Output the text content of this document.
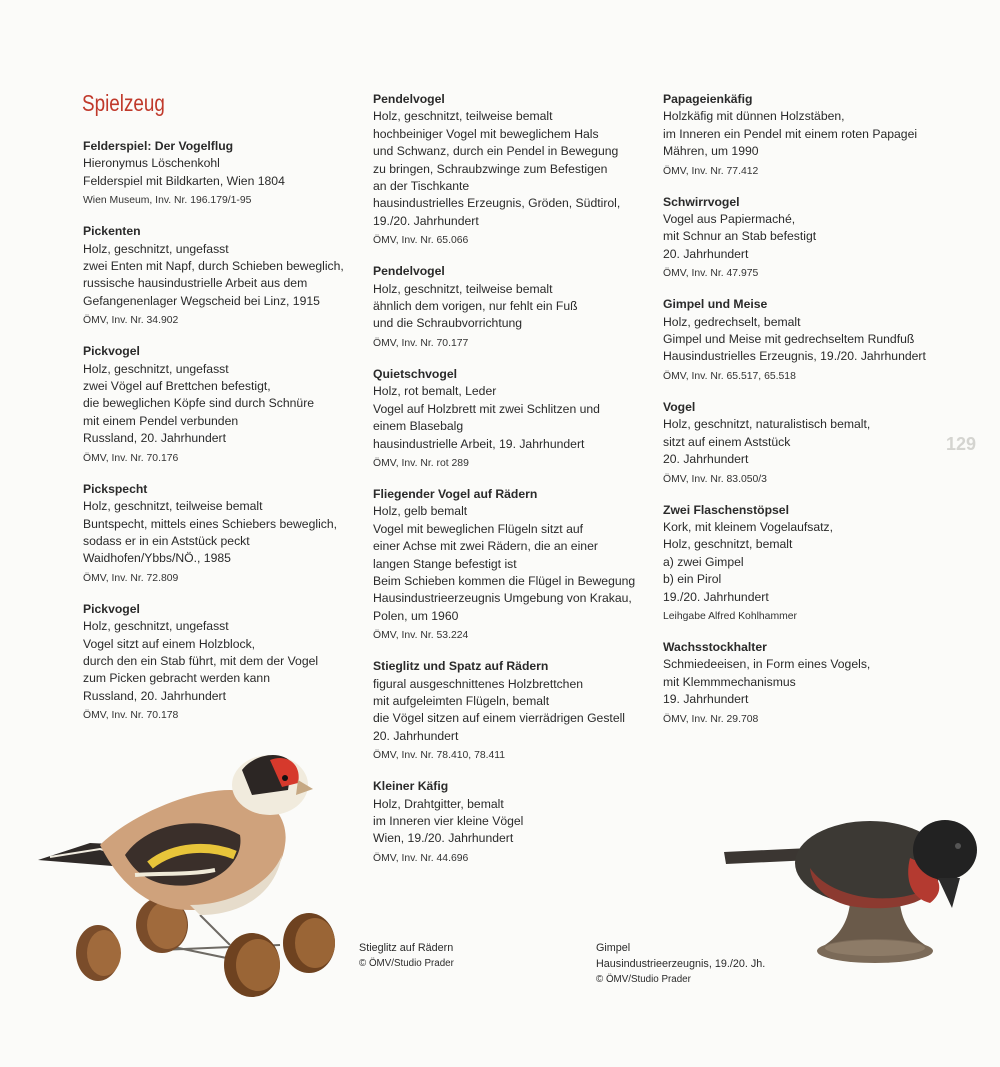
Spielzeug
Felderspiel: Der Vogelflug
Hieronymus Löschenkohl
Felderspiel mit Bildkarten, Wien 1804
Wien Museum, Inv. Nr. 196.179/1-95
Pickenten
Holz, geschnitzt, ungefasst
zwei Enten mit Napf, durch Schieben beweglich,
russische hausindustrielle Arbeit aus dem
Gefangenenlager Wegscheid bei Linz, 1915
ÖMV, Inv. Nr. 34.902
Pickvogel
Holz, geschnitzt, ungefasst
zwei Vögel auf Brettchen befestigt,
die beweglichen Köpfe sind durch Schnüre
mit einem Pendel verbunden
Russland, 20. Jahrhundert
ÖMV, Inv. Nr. 70.176
Pickspecht
Holz, geschnitzt, teilweise bemalt
Buntspecht, mittels eines Schiebers beweglich,
sodass er in ein Aststück peckt
Waidhofen/Ybbs/NÖ., 1985
ÖMV, Inv. Nr. 72.809
Pickvogel
Holz, geschnitzt, ungefasst
Vogel sitzt auf einem Holzblock,
durch den ein Stab führt, mit dem der Vogel
zum Picken gebracht werden kann
Russland, 20. Jahrhundert
ÖMV, Inv. Nr. 70.178
Pendelvogel
Holz, geschnitzt, teilweise bemalt
hochbeiniger Vogel mit beweglichem Hals
und Schwanz, durch ein Pendel in Bewegung
zu bringen, Schraubzwinge zum Befestigen
an der Tischkante
hausindustrielles Erzeugnis, Gröden, Südtirol,
19./20. Jahrhundert
ÖMV, Inv. Nr. 65.066
Pendelvogel
Holz, geschnitzt, teilweise bemalt
ähnlich dem vorigen, nur fehlt ein Fuß
und die Schraubvorrichtung
ÖMV, Inv. Nr. 70.177
Quietschvogel
Holz, rot bemalt, Leder
Vogel auf Holzbrett mit zwei Schlitzen und
einem Blasebalg
hausindustrielle Arbeit, 19. Jahrhundert
ÖMV, Inv. Nr. rot 289
Fliegender Vogel auf Rädern
Holz, gelb bemalt
Vogel mit beweglichen Flügeln sitzt auf
einer Achse mit zwei Rädern, die an einer
langen Stange befestigt ist
Beim Schieben kommen die Flügel in Bewegung
Hausindustrieerzeugnis Umgebung von Krakau,
Polen, um 1960
ÖMV, Inv. Nr. 53.224
Stieglitz und Spatz auf Rädern
figural ausgeschnittenes Holzbrettchen
mit aufgeleimten Flügeln, bemalt
die Vögel sitzen auf einem vierrädrigen Gestell
20. Jahrhundert
ÖMV, Inv. Nr. 78.410, 78.411
Kleiner Käfig
Holz, Drahtgitter, bemalt
im Inneren vier kleine Vögel
Wien, 19./20. Jahrhundert
ÖMV, Inv. Nr. 44.696
Papageienkäfig
Holzkäfig mit dünnen Holzstäben,
im Inneren ein Pendel mit einem roten Papagei
Mähren, um 1990
ÖMV, Inv. Nr. 77.412
Schwirrvogel
Vogel aus Papiermaché,
mit Schnur an Stab befestigt
20. Jahrhundert
ÖMV, Inv. Nr. 47.975
Gimpel und Meise
Holz, gedrechselt, bemalt
Gimpel und Meise mit gedrechseltem Rundfuß
Hausindustrielles Erzeugnis, 19./20. Jahrhundert
ÖMV, Inv. Nr. 65.517, 65.518
Vogel
Holz, geschnitzt, naturalistisch bemalt,
sitzt auf einem Aststück
20. Jahrhundert
ÖMV, Inv. Nr. 83.050/3
Zwei Flaschenstöpsel
Kork, mit kleinem Vogelaufsatz,
Holz, geschnitzt, bemalt
a) zwei Gimpel
b) ein Pirol
19./20. Jahrhundert
Leihgabe Alfred Kohlhammer
Wachsstockhalter
Schmiedeeisen, in Form eines Vogels,
mit Klemmmechanismus
19. Jahrhundert
ÖMV, Inv. Nr. 29.708
129
Stieglitz auf Rädern
© ÖMV/Studio Prader
Gimpel
Hausindustrieerzeugnis, 19./20. Jh.
© ÖMV/Studio Prader
